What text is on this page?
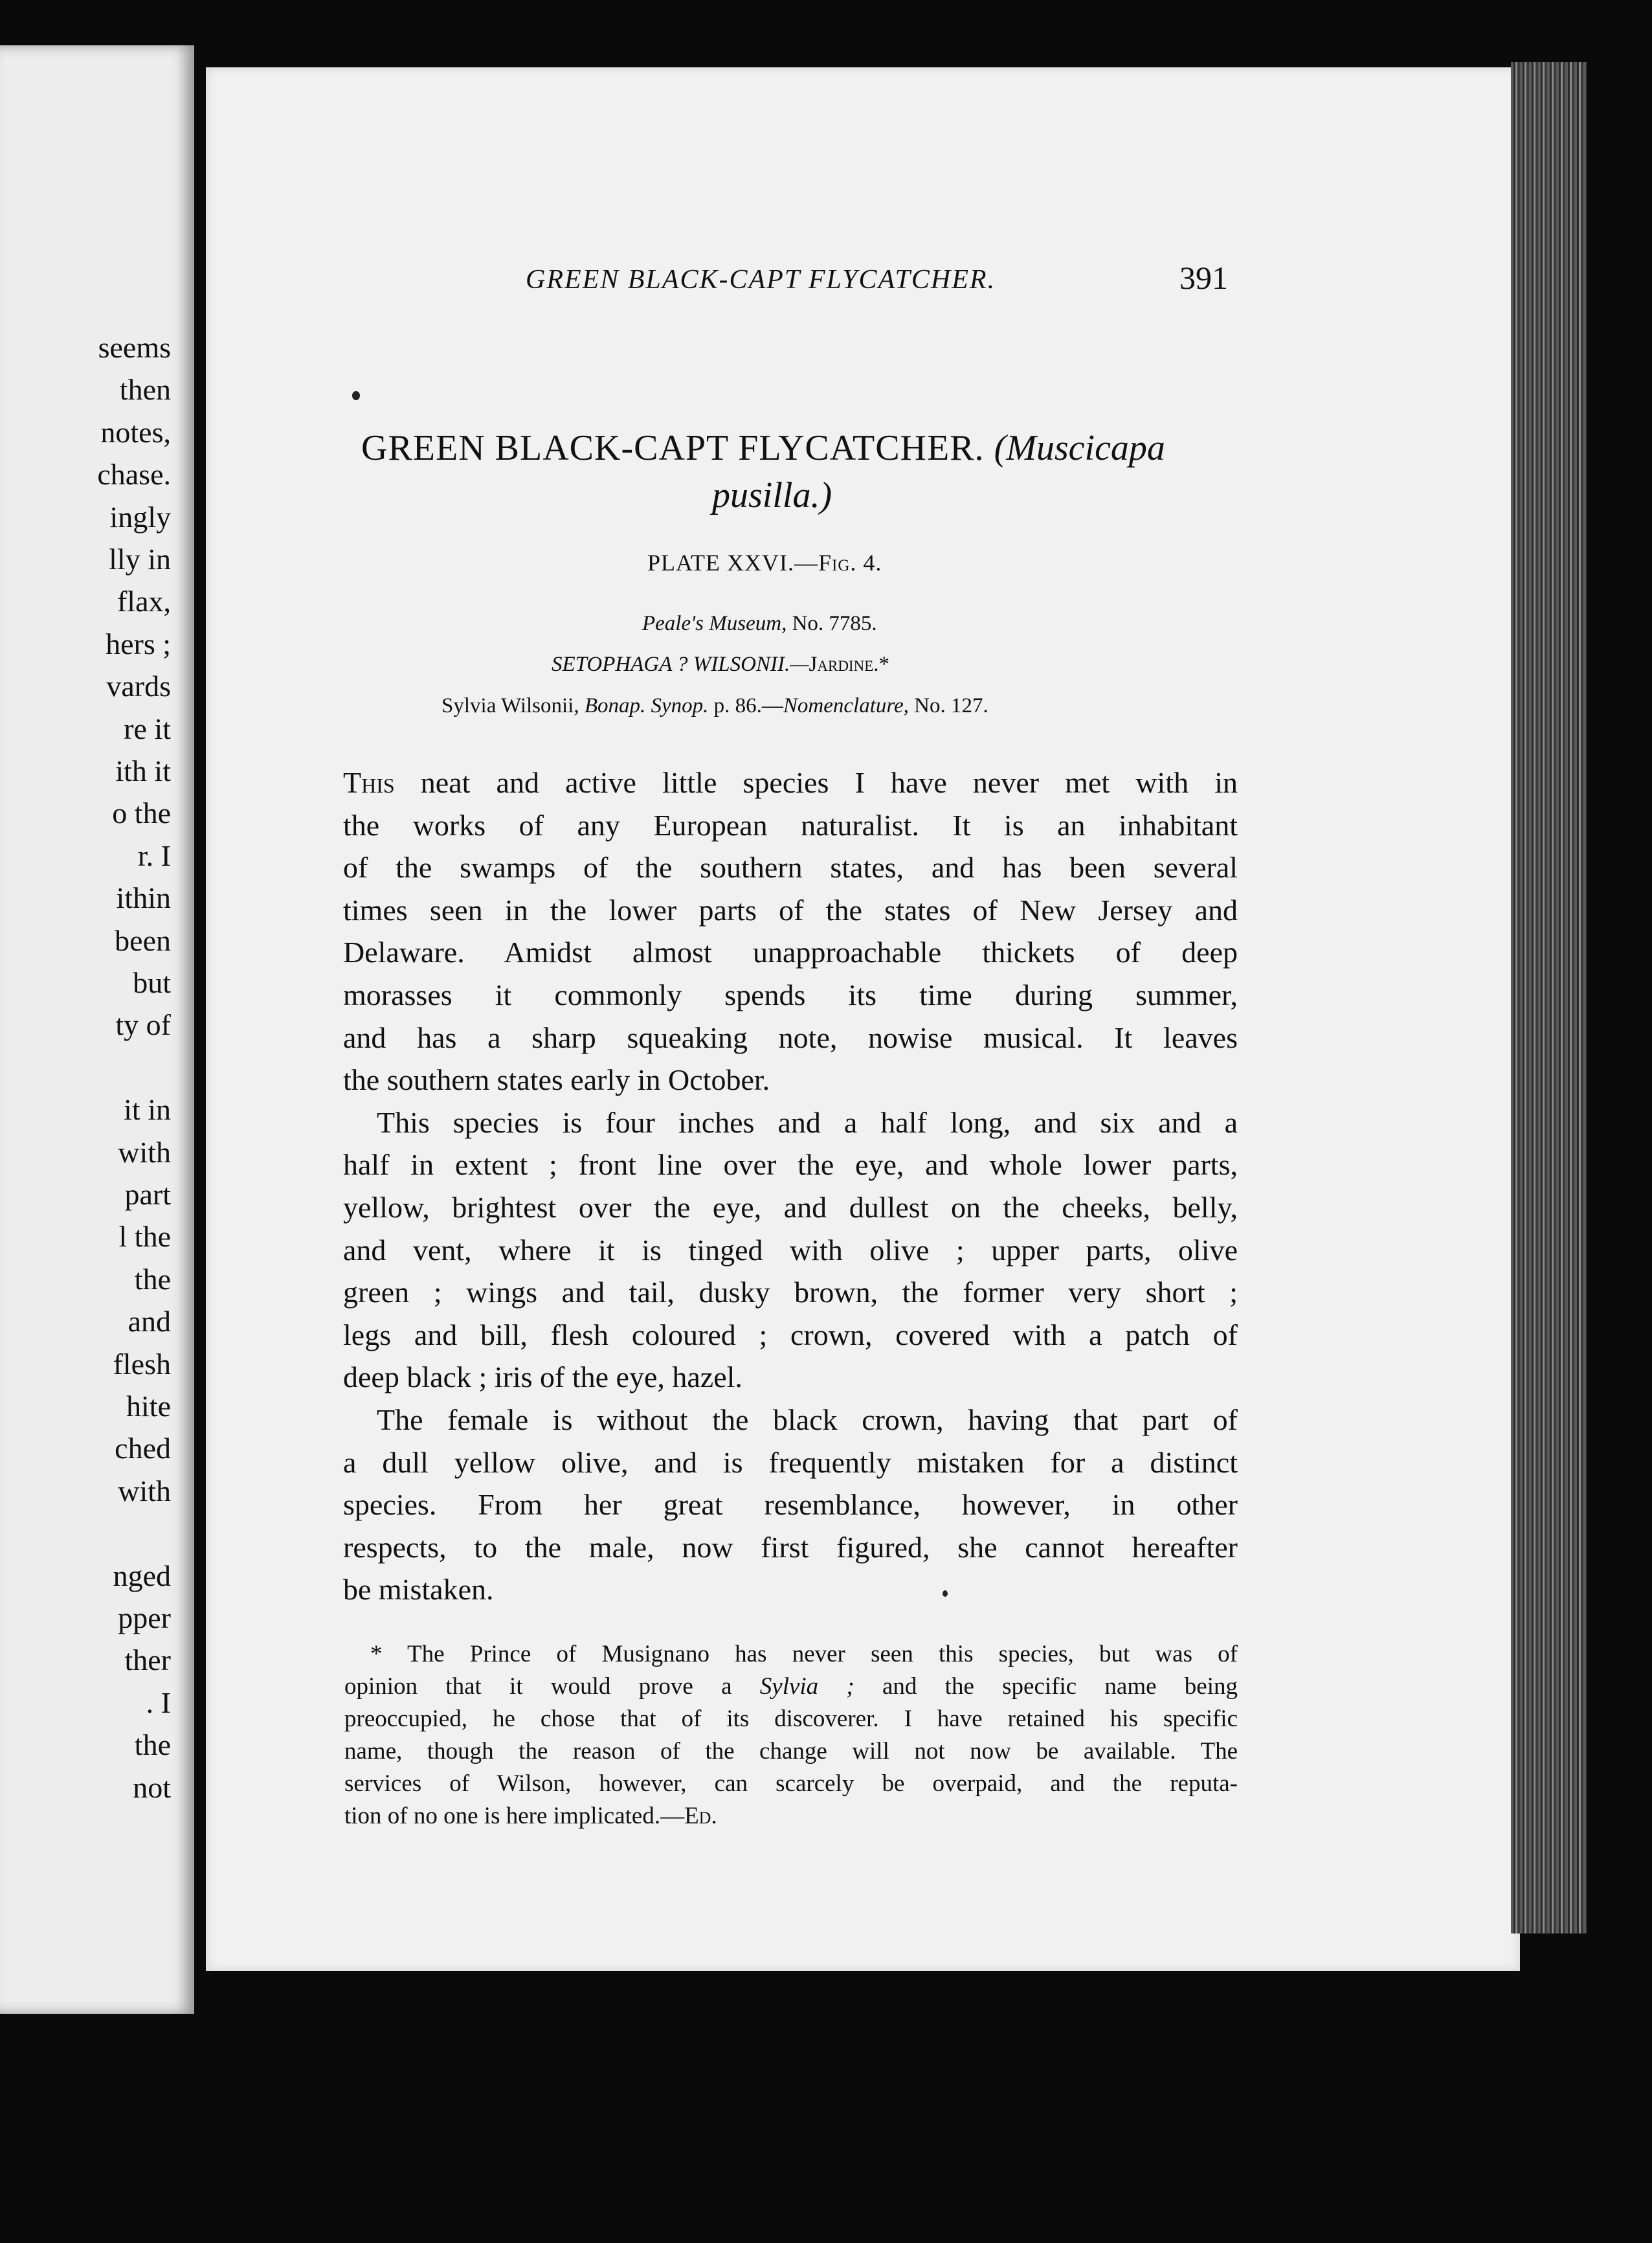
seems
then
notes,
chase.
ingly
lly in
flax,
hers ;
vards
re it
ith it
o the
r. I
ithin
been
but
ty of
it in
with
part
l the
the
and
flesh
hite
ched
with
nged
pper
ther
. I
the
not
GREEN BLACK-CAPT FLYCATCHER.	391
GREEN BLACK-CAPT FLYCATCHER. (Muscicapa
pusilla.)
PLATE XXVI.—Fig. 4.
Peale's Museum, No. 7785.
SETOPHAGA ? WILSONII.—Jardine.*
Sylvia Wilsonii, Bonap. Synop. p. 86.—Nomenclature, No. 127.

This neat and active little species I have never met with in
the works of any European naturalist. It is an inhabitant
of the swamps of the southern states, and has been several
times seen in the lower parts of the states of New Jersey and
Delaware. Amidst almost unapproachable thickets of deep
morasses it commonly spends its time during summer,
and has a sharp squeaking note, nowise musical. It leaves
the southern states early in October.

This species is four inches and a half long, and six and a
half in extent ; front line over the eye, and whole lower parts,
yellow, brightest over the eye, and dullest on the cheeks, belly,
and vent, where it is tinged with olive ; upper parts, olive
green ; wings and tail, dusky brown, the former very short ;
legs and bill, flesh coloured ; crown, covered with a patch of
deep black ; iris of the eye, hazel.

The female is without the black crown, having that part of
a dull yellow olive, and is frequently mistaken for a distinct
species. From her great resemblance, however, in other
respects, to the male, now first figured, she cannot hereafter
be mistaken.

* The Prince of Musignano has never seen this species, but was of
opinion that it would prove a Sylvia ; and the specific name being
preoccupied, he chose that of its discoverer. I have retained his specific
name, though the reason of the change will not now be available. The
services of Wilson, however, can scarcely be overpaid, and the reputa-
tion of no one is here implicated.—Ed.
